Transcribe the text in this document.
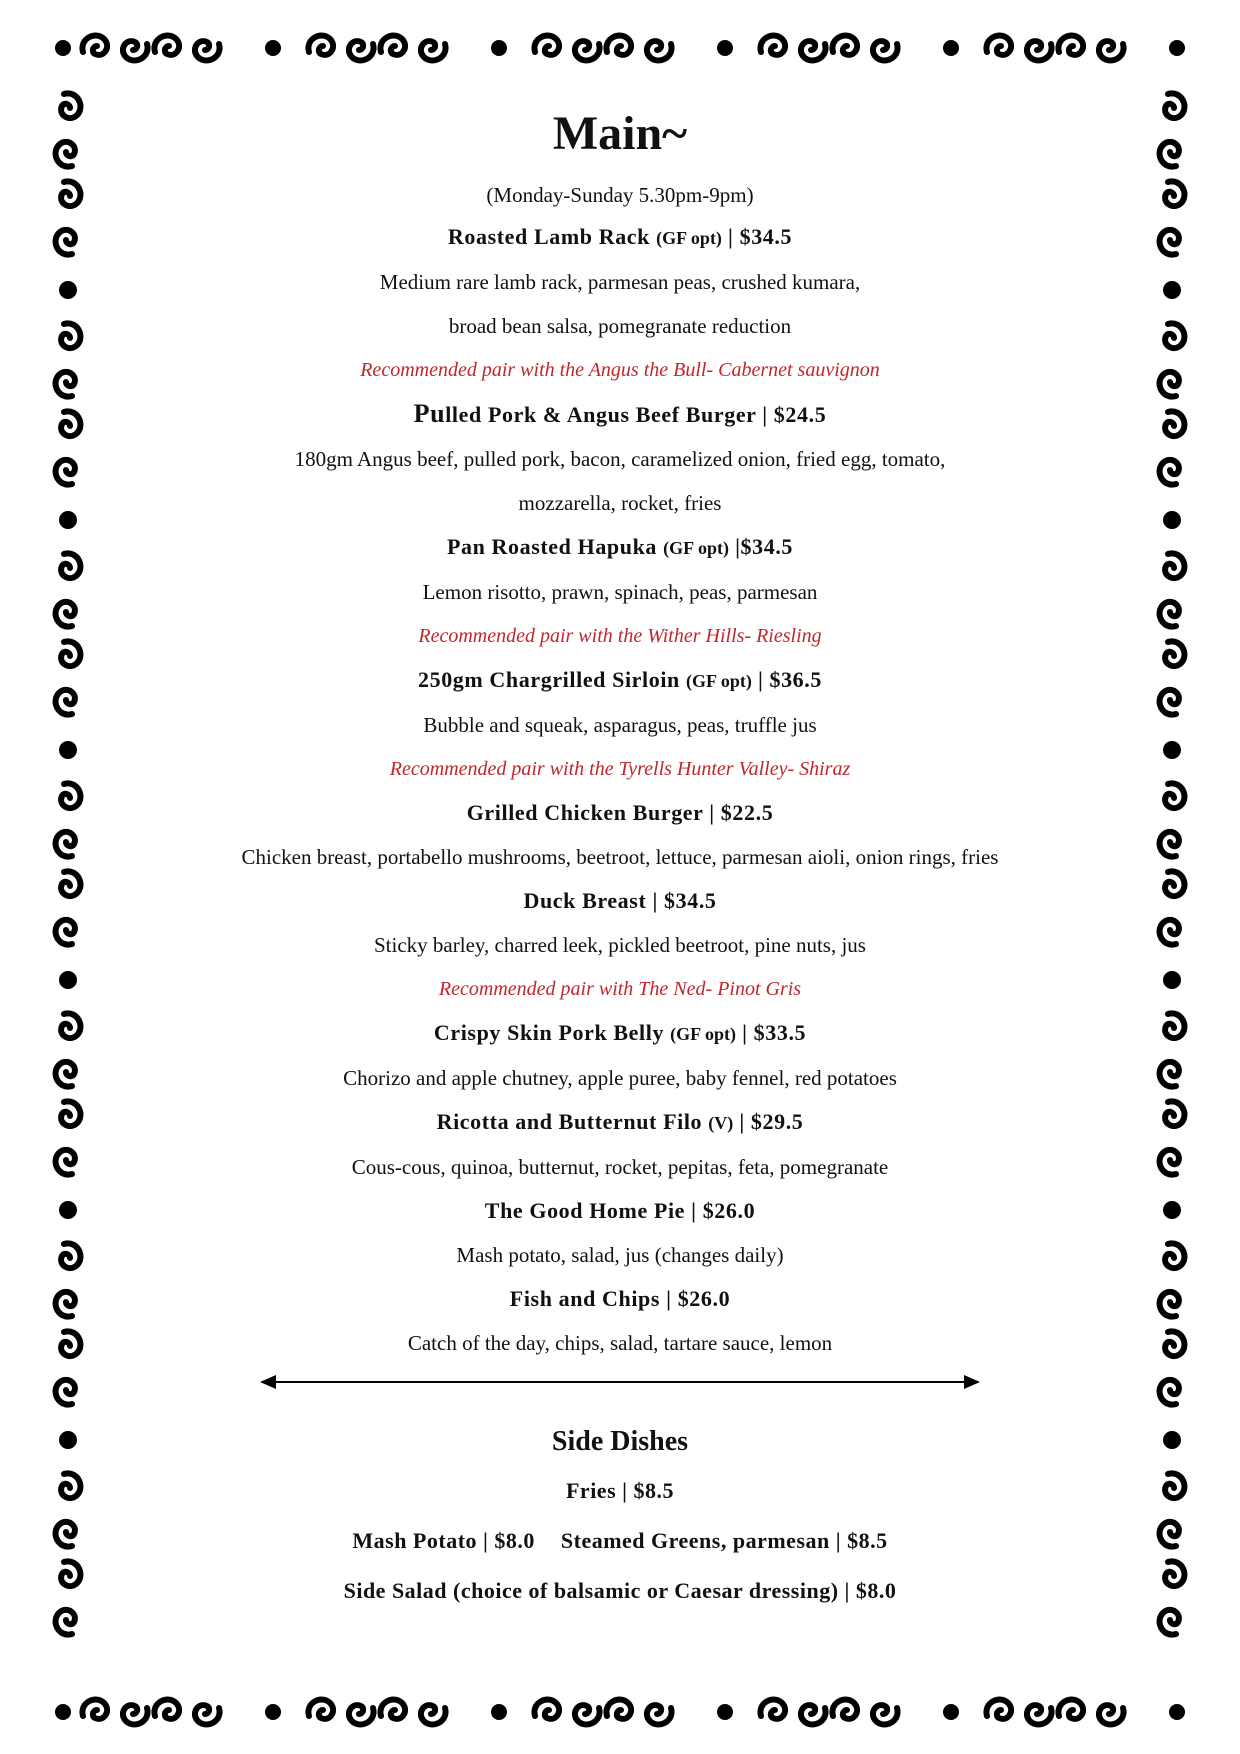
Main~

(Monday-Sunday 5.30pm-9pm)

Roasted Lamb Rack (GF opt) | $34.5

Medium rare lamb rack, parmesan peas, crushed kumara,

broad bean salsa, pomegranate reduction

Recommended pair with the Angus the Bull- Cabernet sauvignon

Pulled Pork & Angus Beef Burger | $24.5

180gm Angus beef, pulled pork, bacon, caramelized onion, fried egg, tomato,

mozzarella, rocket, fries

Pan Roasted Hapuka (GF opt) |$34.5

Lemon risotto, prawn, spinach, peas, parmesan

Recommended pair with the Wither Hills- Riesling

250gm Chargrilled Sirloin (GF opt) | $36.5

Bubble and squeak, asparagus, peas, truffle jus

Recommended pair with the Tyrells Hunter Valley- Shiraz

Grilled Chicken Burger | $22.5

Chicken breast, portabello mushrooms, beetroot, lettuce, parmesan aioli, onion rings, fries

Duck Breast | $34.5

Sticky barley, charred leek, pickled beetroot, pine nuts, jus

Recommended pair with The Ned- Pinot Gris

Crispy Skin Pork Belly (GF opt) | $33.5

Chorizo and apple chutney, apple puree, baby fennel, red potatoes

Ricotta and Butternut Filo (V) | $29.5

Cous-cous, quinoa, butternut, rocket, pepitas, feta, pomegranate

The Good Home Pie | $26.0

Mash potato, salad, jus (changes daily)

Fish and Chips | $26.0

Catch of the day, chips, salad, tartare sauce, lemon

Side Dishes

Fries | $8.5

Mash Potato | $8.0 Steamed Greens, parmesan | $8.5

Side Salad (choice of balsamic or Caesar dressing) | $8.0
